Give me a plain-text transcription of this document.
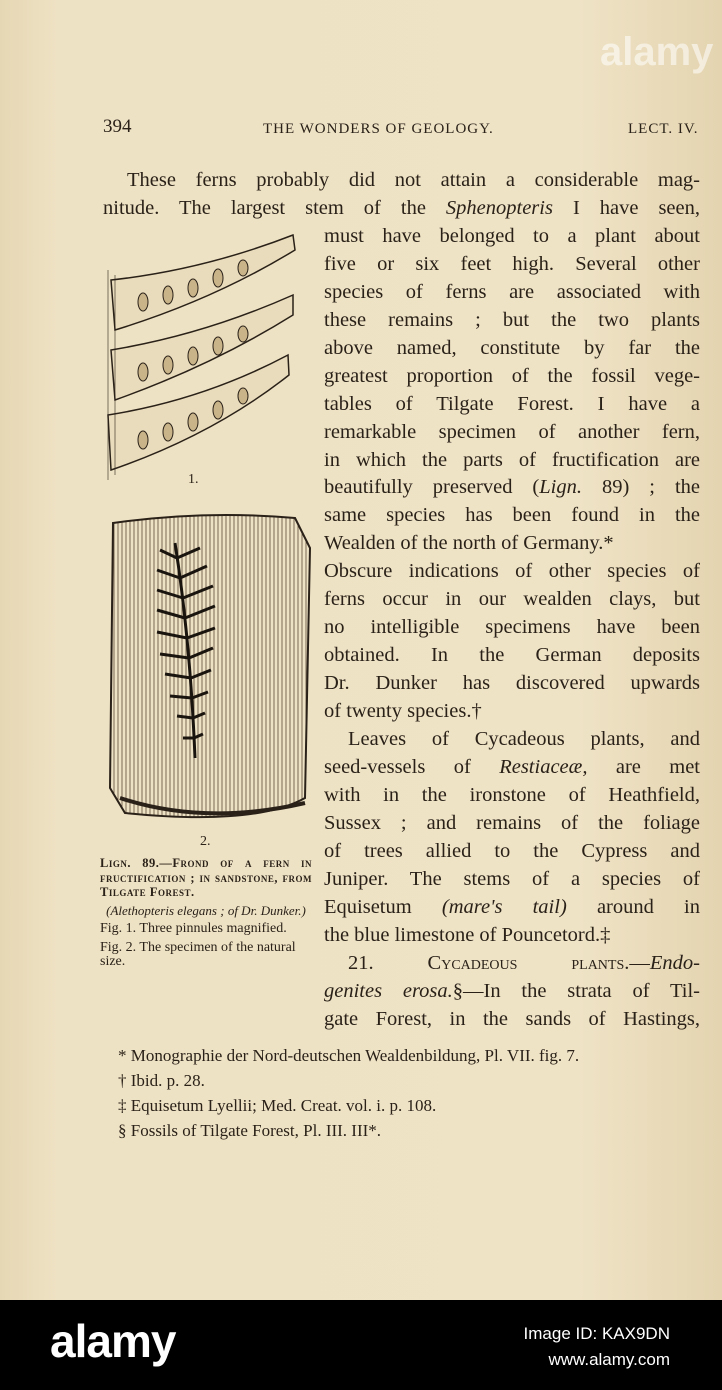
394	THE WONDERS OF GEOLOGY.	LECT. IV.
These ferns probably did not attain a considerable mag-
nitude. The largest stem of the Sphenopteris I have seen,
must have belonged to a plant about
five or six feet high. Several other
species of ferns are associated with
these remains ; but the two plants
above named, constitute by far the
greatest proportion of the fossil vege-
tables of Tilgate Forest. I have a
remarkable specimen of another fern,
in which the parts of fructification are
beautifully preserved (Lign. 89) ; the
same species has been found in the
Wealden of the north of Germany.*
Obscure indications of other species of
ferns occur in our wealden clays, but
no intelligible specimens have been
obtained. In the German deposits
Dr. Dunker has discovered upwards
of twenty species.†
Leaves of Cycadeous plants, and
seed-vessels of Restiaceæ, are met
with in the ironstone of Heathfield,
Sussex ; and remains of the foliage
of trees allied to the Cypress and
Juniper. The stems of a species of
Equisetum (mare's tail) around in
the blue limestone of Pouncetord.‡
21. Cycadeous plants.—Endo-
genites erosa.§—In the strata of Til-
gate Forest, in the sands of Hastings,
1.
2.
Lign. 89.—Frond of a fern in fructification ; in sandstone, from Tilgate Forest.
(Alethopteris elegans ; of Dr. Dunker.)
Fig. 1. Three pinnules magnified.
Fig. 2. The specimen of the natural size.
* Monographie der Nord-deutschen Wealdenbildung, Pl. VII. fig. 7.
† Ibid. p. 28.
‡ Equisetum Lyellii; Med. Creat. vol. i. p. 108.
§ Fossils of Tilgate Forest, Pl. III. III*.
alamy
alamy	Image ID: KAX9DN
www.alamy.com
